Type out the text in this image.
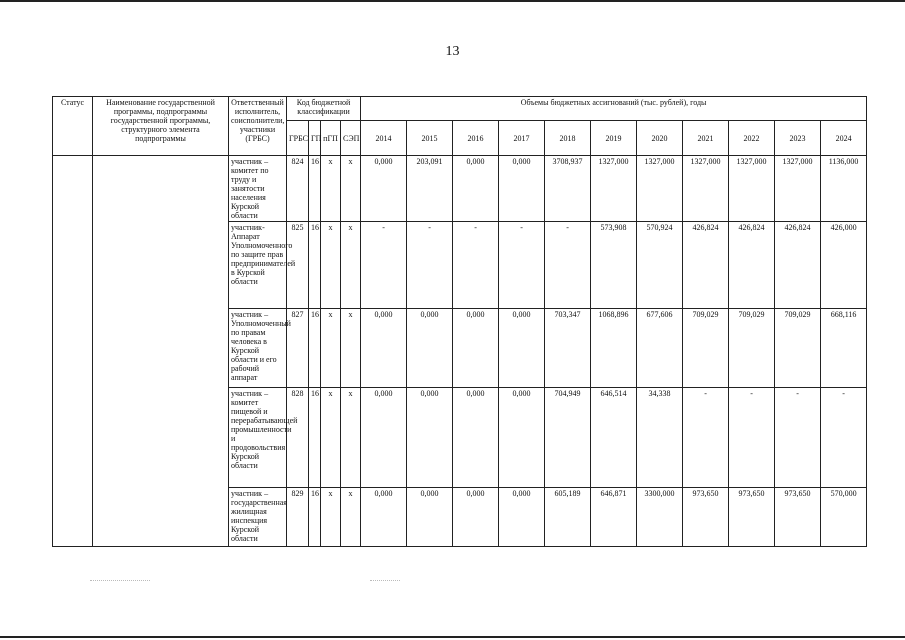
13
Статус	Наименование государственной программы, подпрограммы государственной программы, структурного элемента подпрограммы	Ответственный исполнитель, соисполнители, участники (ГРБС)	Код бюджетной классификации				Объемы бюджетных ассигнований (тыс. рублей), годы										
			ГРБС	ГП	пГП	СЭП	2014	2015	2016	2017	2018	2019	2020	2021	2022	2023	2024
		участник – комитет по труду и занятости населения Курской области	824	16	x	x	0,000	203,091	0,000	0,000	3708,937	1327,000	1327,000	1327,000	1327,000	1327,000	1136,000
		участник-Аппарат Уполномоченного по защите прав предпринимателей в Курской области	825	16	x	x	-	-	-	-	-	573,908	570,924	426,824	426,824	426,824	426,000
		участник – Уполномоченный по правам человека в Курской области и его рабочий аппарат	827	16	x	x	0,000	0,000	0,000	0,000	703,347	1068,896	677,606	709,029	709,029	709,029	668,116
		участник – комитет пищевой и перерабатывающей промышленности и продовольствия Курской области	828	16	x	x	0,000	0,000	0,000	0,000	704,949	646,514	34,338	-	-	-	-
		участник – государственная жилищная инспекция Курской области	829	16	x	x	0,000	0,000	0,000	0,000	605,189	646,871	3300,000	973,650	973,650	973,650	570,000
